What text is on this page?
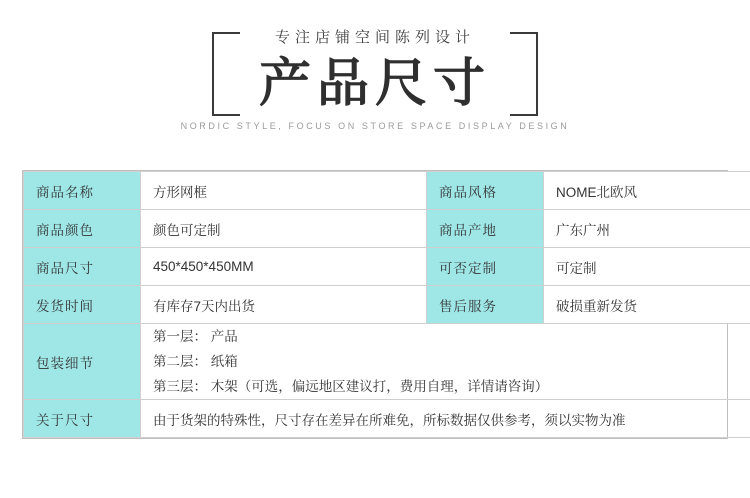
专注店铺空间陈列设计
产品尺寸
NORDIC STYLE, FOCUS ON STORE SPACE DISPLAY DESIGN
商品名称	方形网框	商品风格	NOME北欧风
商品颜色	颜色可定制	商品产地	广东广州
商品尺寸	450*450*450MM	可否定制	可定制
发货时间	有库存7天内出货	售后服务	破损重新发货
包装细节	第一层： 产品
第二层： 纸箱
第三层： 木架（可选，偏远地区建议打，费用自理，详情请咨询）		

关于尺寸	由于货架的特殊性，尺寸存在差异在所难免，所标数据仅供参考，须以实物为准		
